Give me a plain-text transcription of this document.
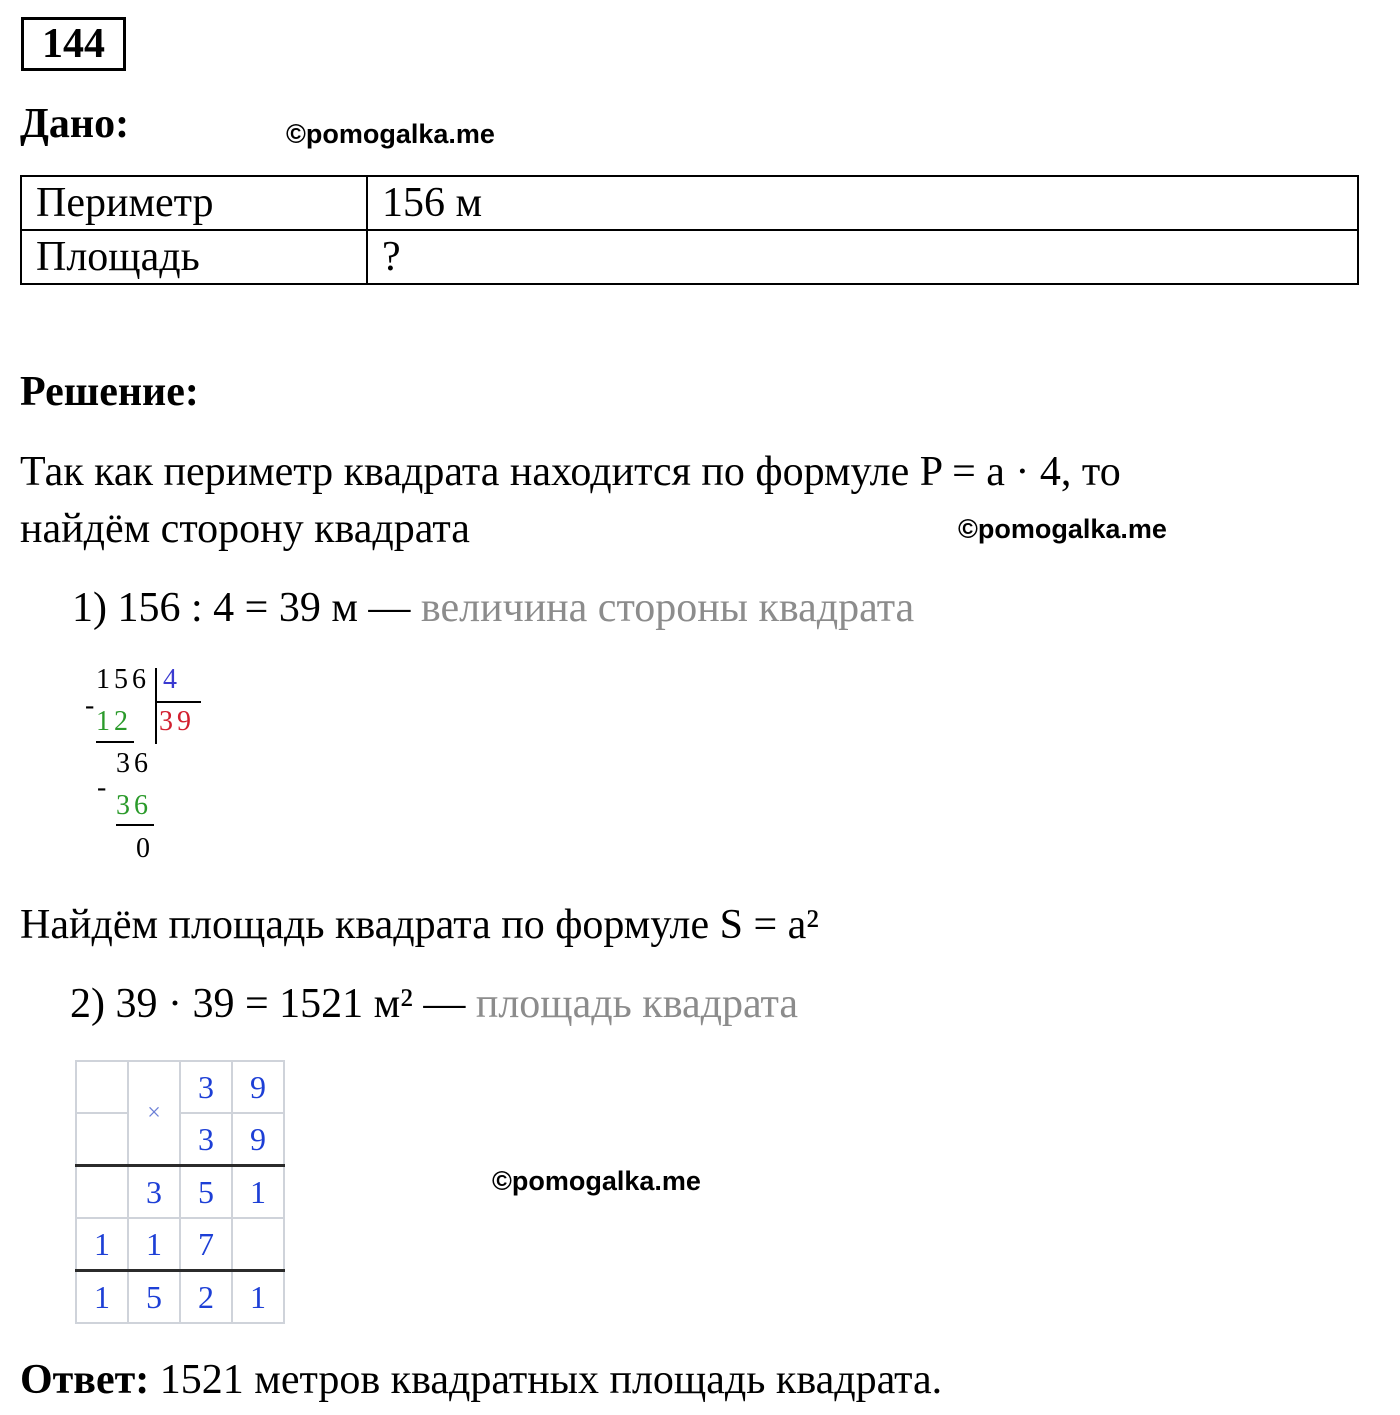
144
Дано:	©pomogalka.me
Периметр	156 м
Площадь	?
Решение:
Так как периметр квадрата находится по формуле P = a · 4, то
найдём сторону квадрата	©pomogalka.me
1) 156 : 4 = 39 м — величина стороны квадрата
156 4
-
12 39
36
-
36
0
Найдём площадь квадрата по формуле S = a²
2) 39 · 39 = 1521 м² — площадь квадрата
	×	3	9
		3	9
	3	5	1
1	1	7	
1	5	2	1
©pomogalka.me
Ответ: 1521 метров квадратных площадь квадрата.
